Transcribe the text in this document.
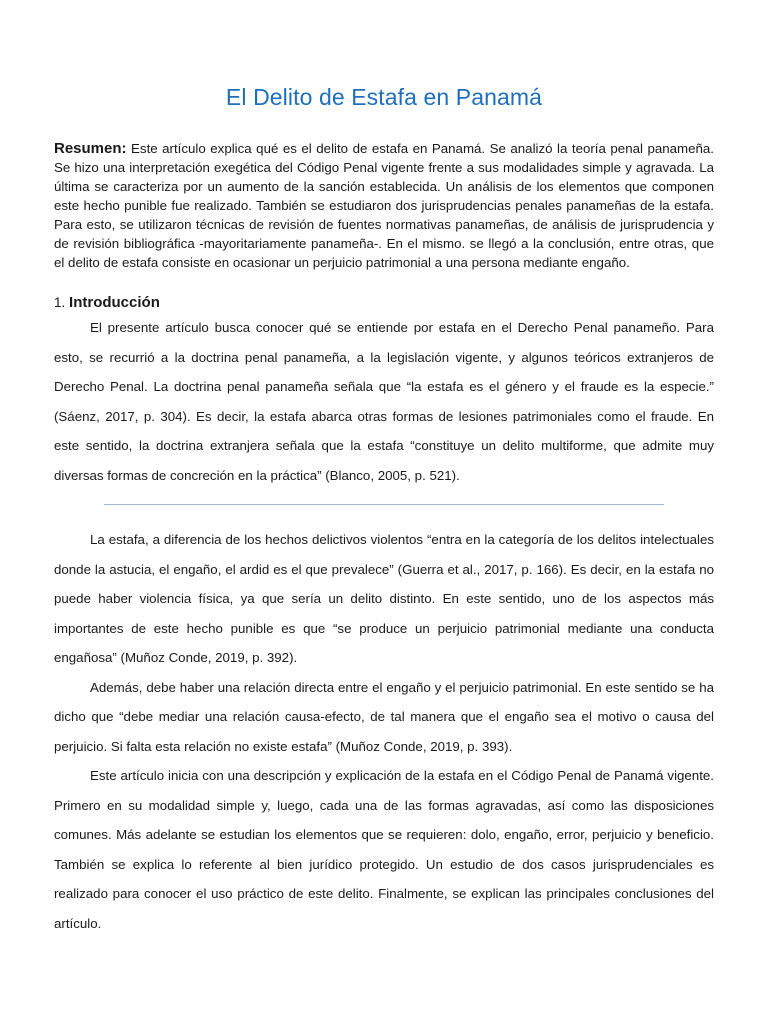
El Delito de Estafa en Panamá

Resumen: Este artículo explica qué es el delito de estafa en Panamá. Se analizó la teoría penal panameña. Se hizo una interpretación exegética del Código Penal vigente frente a sus modalidades simple y agravada. La última se caracteriza por un aumento de la sanción establecida. Un análisis de los elementos que componen este hecho punible fue realizado. También se estudiaron dos jurisprudencias penales panameñas de la estafa. Para esto, se utilizaron técnicas de revisión de fuentes normativas panameñas, de análisis de jurisprudencia y de revisión bibliográfica -mayoritariamente panameña-. En el mismo. se llegó a la conclusión, entre otras, que el delito de estafa consiste en ocasionar un perjuicio patrimonial a una persona mediante engaño.

1. Introducción

El presente artículo busca conocer qué se entiende por estafa en el Derecho Penal panameño. Para esto, se recurrió a la doctrina penal panameña, a la legislación vigente, y algunos teóricos extranjeros de Derecho Penal. La doctrina penal panameña señala que “la estafa es el género y el fraude es la especie.” (Sáenz, 2017, p. 304). Es decir, la estafa abarca otras formas de lesiones patrimoniales como el fraude. En este sentido, la doctrina extranjera señala que la estafa “constituye un delito multiforme, que admite muy diversas formas de concreción en la práctica” (Blanco, 2005, p. 521).

La estafa, a diferencia de los hechos delictivos violentos “entra en la categoría de los delitos intelectuales donde la astucia, el engaño, el ardid es el que prevalece” (Guerra et al., 2017, p. 166). Es decir, en la estafa no puede haber violencia física, ya que sería un delito distinto. En este sentido, uno de los aspectos más importantes de este hecho punible es que “se produce un perjuicio patrimonial mediante una conducta engañosa” (Muñoz Conde, 2019, p. 392).

Además, debe haber una relación directa entre el engaño y el perjuicio patrimonial. En este sentido se ha dicho que “debe mediar una relación causa-efecto, de tal manera que el engaño sea el motivo o causa del perjuicio. Si falta esta relación no existe estafa” (Muñoz Conde, 2019, p. 393).

Este artículo inicia con una descripción y explicación de la estafa en el Código Penal de Panamá vigente. Primero en su modalidad simple y, luego, cada una de las formas agravadas, así como las disposiciones comunes. Más adelante se estudian los elementos que se requieren: dolo, engaño, error, perjuicio y beneficio. También se explica lo referente al bien jurídico protegido. Un estudio de dos casos jurisprudenciales es realizado para conocer el uso práctico de este delito. Finalmente, se explican las principales conclusiones del artículo.
